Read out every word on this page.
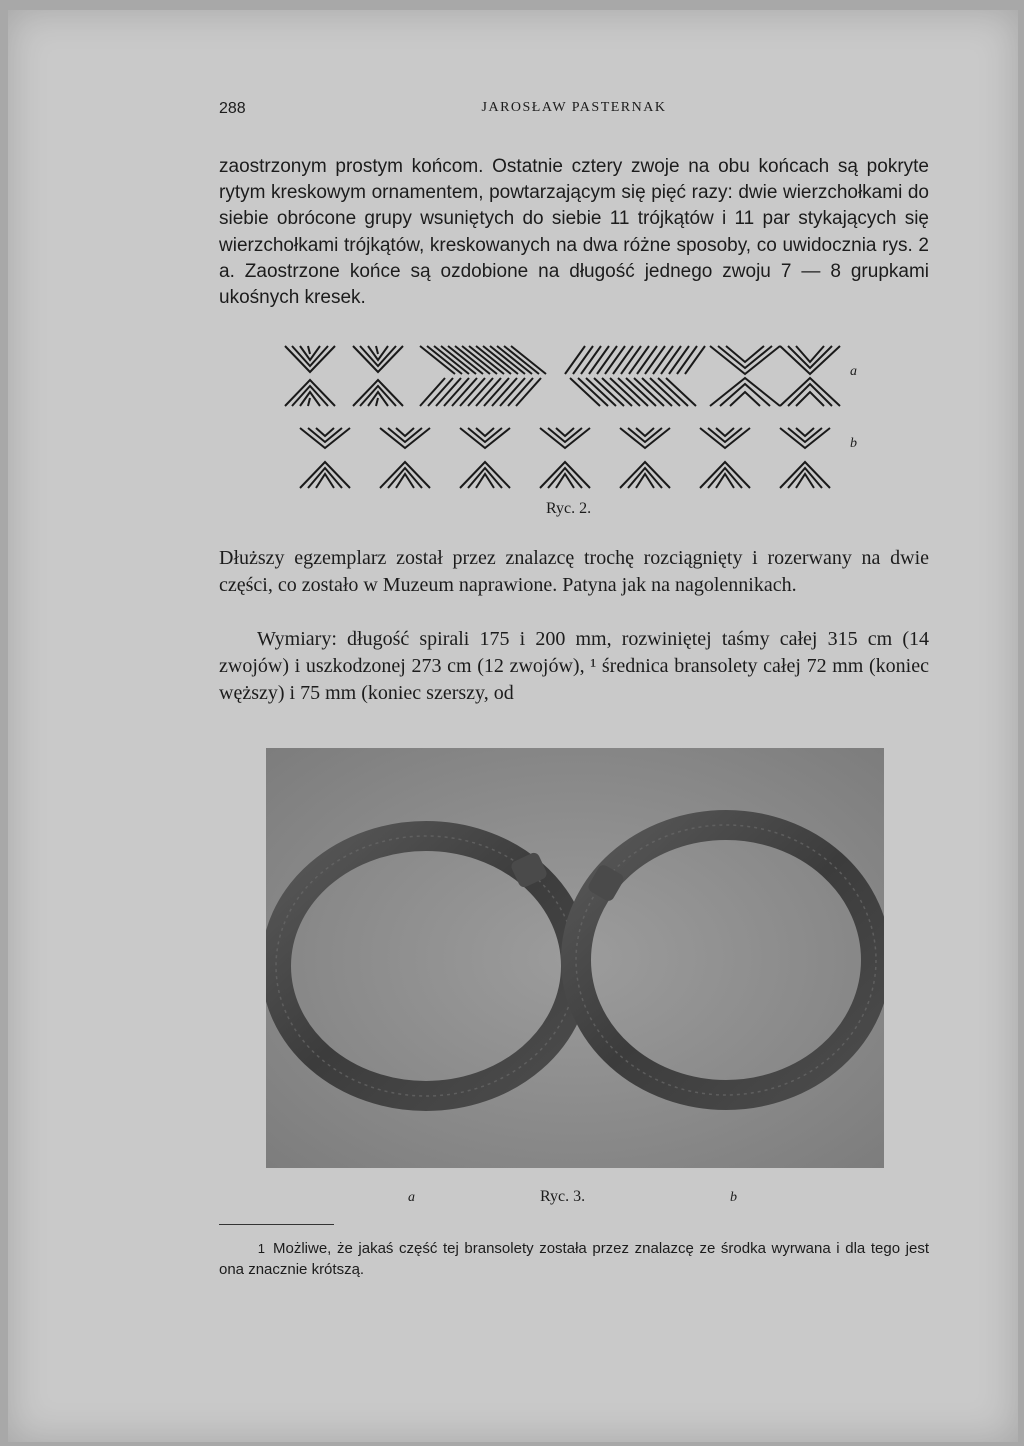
288	JAROSŁAW PASTERNAK
zaostrzonym prostym końcom. Ostatnie cztery zwoje na obu końcach są pokryte rytym kreskowym ornamentem, powtarzającym się pięć razy: dwie wierzchołkami do siebie obrócone grupy wsuniętych do siebie 11 trójkątów i 11 par stykających się wierzchołkami trójkątów, kreskowanych na dwa różne sposoby, co uwidocznia rys. 2 a. Zaostrzone końce są ozdobione na długość jednego zwoju 7 — 8 grupkami ukośnych kresek.
a
b
Ryc. 2.
Dłuższy egzemplarz został przez znalazcę trochę rozciągnięty i rozerwany na dwie części, co zostało w Muzeum naprawione. Patyna jak na nagolennikach.
Wymiary: długość spirali 175 i 200 mm, rozwiniętej taśmy całej 315 cm (14 zwojów) i uszkodzonej 273 cm (12 zwojów), ¹ średnica bransolety całej 72 mm (koniec węższy) i 75 mm (koniec szerszy, od
a	Ryc. 3.	b
1 Możliwe, że jakaś część tej bransolety została przez znalazcę ze środka wyrwana i dla tego jest ona znacznie krótszą.
